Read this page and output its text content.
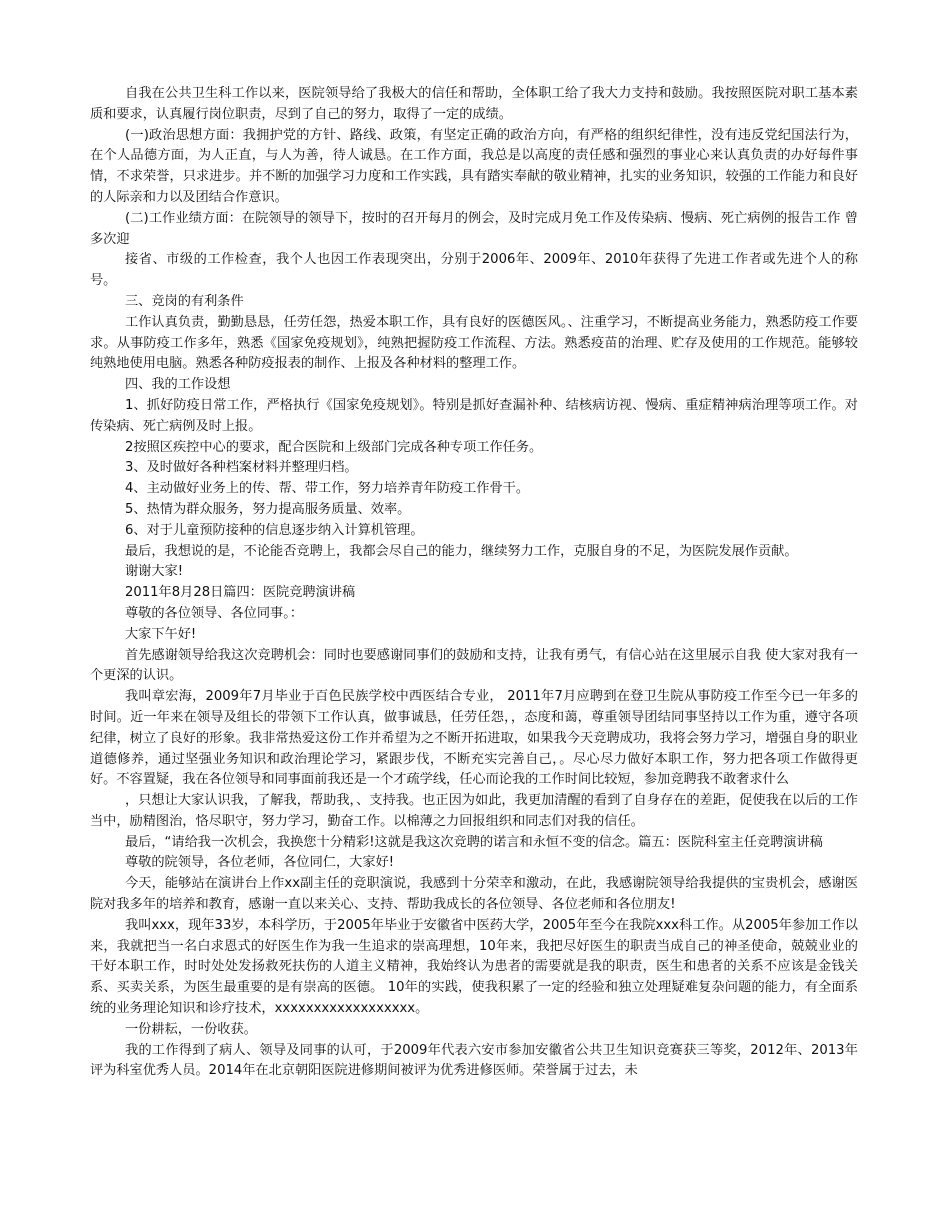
自我在公共卫生科工作以来，医院领导给了我极大的信任和帮助，全体职工给了我大力支持和鼓励。我按照医院对职工基本素质和要求，认真履行岗位职责，尽到了自己的努力，取得了一定的成绩。

(一)政治思想方面：我拥护党的方针、路线、政策，有坚定正确的政治方向，有严格的组织纪律性，没有违反党纪国法行为，在个人品德方面，为人正直，与人为善，待人诚恳。在工作方面，我总是以高度的责任感和强烈的事业心来认真负责的办好每件事情，不求荣誉，只求进步。并不断的加强学习力度和工作实践，具有踏实奉献的敬业精神，扎实的业务知识，较强的工作能力和良好的人际亲和力以及团结合作意识。

(二)工作业绩方面：在院领导的领导下，按时的召开每月的例会，及时完成月免工作及传染病、慢病、死亡病例的报告工作 曾多次迎

接省、市级的工作检查，我个人也因工作表现突出，分别于2006年、2009年、2010年获得了先进工作者或先进个人的称号。

三、竞岗的有利条件

工作认真负责，勤勤恳恳，任劳任怨，热爱本职工作，具有良好的医德医风。、注重学习，不断提高业务能力，熟悉防疫工作要求。从事防疫工作多年，熟悉《国家免疫规划》，纯熟把握防疫工作流程、方法。熟悉疫苗的治理、贮存及使用的工作规范。能够较纯熟地使用电脑。熟悉各种防疫报表的制作、上报及各种材料的整理工作。

四、我的工作设想

1、抓好防疫日常工作，严格执行《国家免疫规划》。特别是抓好查漏补种、结核病访视、慢病、重症精神病治理等项工作。对传染病、死亡病例及时上报。

2按照区疾控中心的要求，配合医院和上级部门完成各种专项工作任务。

3、及时做好各种档案材料并整理归档。

4、主动做好业务上的传、帮、带工作，努力培养青年防疫工作骨干。

5、热情为群众服务，努力提高服务质量、效率。

6、对于儿童预防接种的信息逐步纳入计算机管理。

最后，我想说的是，不论能否竞聘上，我都会尽自己的能力，继续努力工作，克服自身的不足，为医院发展作贡献。

谢谢大家!

2011年8月28日篇四：医院竞聘演讲稿

尊敬的各位领导、各位同事。：

大家下午好!

首先感谢领导给我这次竞聘机会：同时也要感谢同事们的鼓励和支持，让我有勇气，有信心站在这里展示自我 使大家对我有一个更深的认识。

我叫章宏海，2009年7月毕业于百色民族学校中西医结合专业， 2011年7月应聘到在登卫生院从事防疫工作至今已一年多的时间。近一年来在领导及组长的带领下工作认真，做事诚恳，任劳任怨，，态度和蔼，尊重领导团结同事坚持以工作为重，遵守各项纪律，树立了良好的形象。我非常热爱这份工作并希望为之不断开拓进取，如果我今天竞聘成功，我将会努力学习，增强自身的职业道德修养，通过坚强业务知识和政治理论学习，紧跟步伐，不断充实完善自己，。尽心尽力做好本职工作，努力把各项工作做得更好。不容置疑，我在各位领导和同事面前我还是一个才疏学线，任心而论我的工作时间比较短，参加竞聘我不敢奢求什么

，只想让大家认识我，了解我，帮助我，、支持我。也正因为如此，我更加清醒的看到了自身存在的差距，促使我在以后的工作当中，励精图治，恪尽职守，努力学习，勤奋工作。以棉薄之力回报组织和同志们对我的信任。

最后，“请给我一次机会，我换您十分精彩!这就是我这次竞聘的诺言和永恒不变的信念。篇五：医院科室主任竞聘演讲稿

尊敬的院领导，各位老师，各位同仁，大家好!

今天，能够站在演讲台上作xx副主任的竞职演说，我感到十分荣幸和激动，在此，我感谢院领导给我提供的宝贵机会，感谢医院对我多年的培养和教育，感谢一直以来关心、支持、帮助我成长的各位领导、各位老师和各位朋友!

我叫xxx，现年33岁，本科学历，于2005年毕业于安徽省中医药大学，2005年至今在我院xxx科工作。从2005年参加工作以来，我就把当一名白求恩式的好医生作为我一生追求的崇高理想，10年来，我把尽好医生的职责当成自己的神圣使命，兢兢业业的干好本职工作，时时处处发扬救死扶伤的人道主义精神，我始终认为患者的需要就是我的职责，医生和患者的关系不应该是金钱关系、买卖关系，为医生最重要的是有崇高的医德。 10年的实践，使我积累了一定的经验和独立处理疑难复杂问题的能力，有全面系统的业务理论知识和诊疗技术，xxxxxxxxxxxxxxxxxx。

一份耕耘，一份收获。

我的工作得到了病人、领导及同事的认可，于2009年代表六安市参加安徽省公共卫生知识竞赛获三等奖，2012年、2013年评为科室优秀人员。2014年在北京朝阳医院进修期间被评为优秀进修医师。荣誉属于过去，未
